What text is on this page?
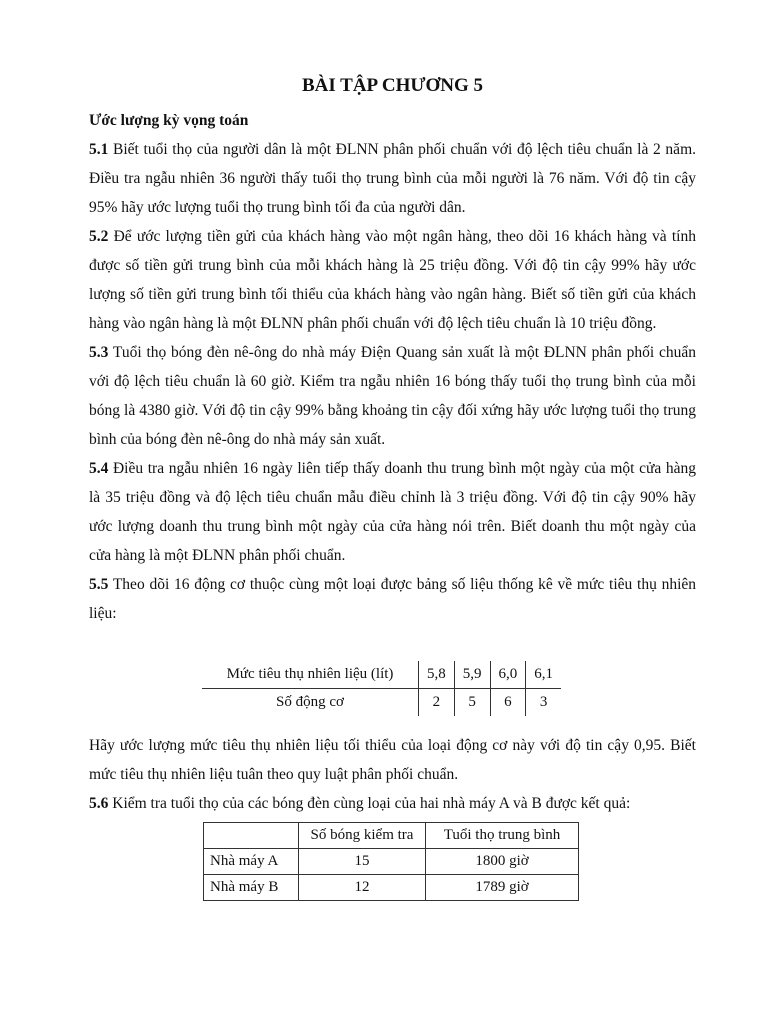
BÀI TẬP CHƯƠNG 5
Ước lượng kỳ vọng toán

5.1 Biết tuổi thọ của người dân là một ĐLNN phân phối chuẩn với độ lệch tiêu chuẩn là 2 năm. Điều tra ngẫu nhiên 36 người thấy tuổi thọ trung bình của mỗi người là 76 năm. Với độ tin cậy 95% hãy ước lượng tuổi thọ trung bình tối đa của người dân.

5.2 Để ước lượng tiền gửi của khách hàng vào một ngân hàng, theo dõi 16 khách hàng và tính được số tiền gửi trung bình của mỗi khách hàng là 25 triệu đồng. Với độ tin cậy 99% hãy ước lượng số tiền gửi trung bình tối thiểu của khách hàng vào ngân hàng. Biết số tiền gửi của khách hàng vào ngân hàng là một ĐLNN phân phối chuẩn với độ lệch tiêu chuẩn là 10 triệu đồng.

5.3 Tuổi thọ bóng đèn nê-ông do nhà máy Điện Quang sản xuất là một ĐLNN phân phối chuẩn với độ lệch tiêu chuẩn là 60 giờ. Kiểm tra ngẫu nhiên 16 bóng thấy tuổi thọ trung bình của mỗi bóng là 4380 giờ. Với độ tin cậy 99% bằng khoảng tin cậy đối xứng hãy ước lượng tuổi thọ trung bình của bóng đèn nê-ông do nhà máy sản xuất.

5.4 Điều tra ngẫu nhiên 16 ngày liên tiếp thấy doanh thu trung bình một ngày của một cửa hàng là 35 triệu đồng và độ lệch tiêu chuẩn mẫu điều chỉnh là 3 triệu đồng. Với độ tin cậy 90% hãy ước lượng doanh thu trung bình một ngày của cửa hàng nói trên. Biết doanh thu một ngày của cửa hàng là một ĐLNN phân phối chuẩn.

5.5 Theo dõi 16 động cơ thuộc cùng một loại được bảng số liệu thống kê về mức tiêu thụ nhiên liệu:

Mức tiêu thụ nhiên liệu (lít)	5,8	5,9	6,0	6,1
Số động cơ	2	5	6	3

Hãy ước lượng mức tiêu thụ nhiên liệu tối thiểu của loại động cơ này với độ tin cậy 0,95. Biết mức tiêu thụ nhiên liệu tuân theo quy luật phân phối chuẩn.

5.6 Kiểm tra tuổi thọ của các bóng đèn cùng loại của hai nhà máy A và B được kết quả:

	Số bóng kiểm tra	Tuổi thọ trung bình
Nhà máy A	15	1800 giờ
Nhà máy B	12	1789 giờ
